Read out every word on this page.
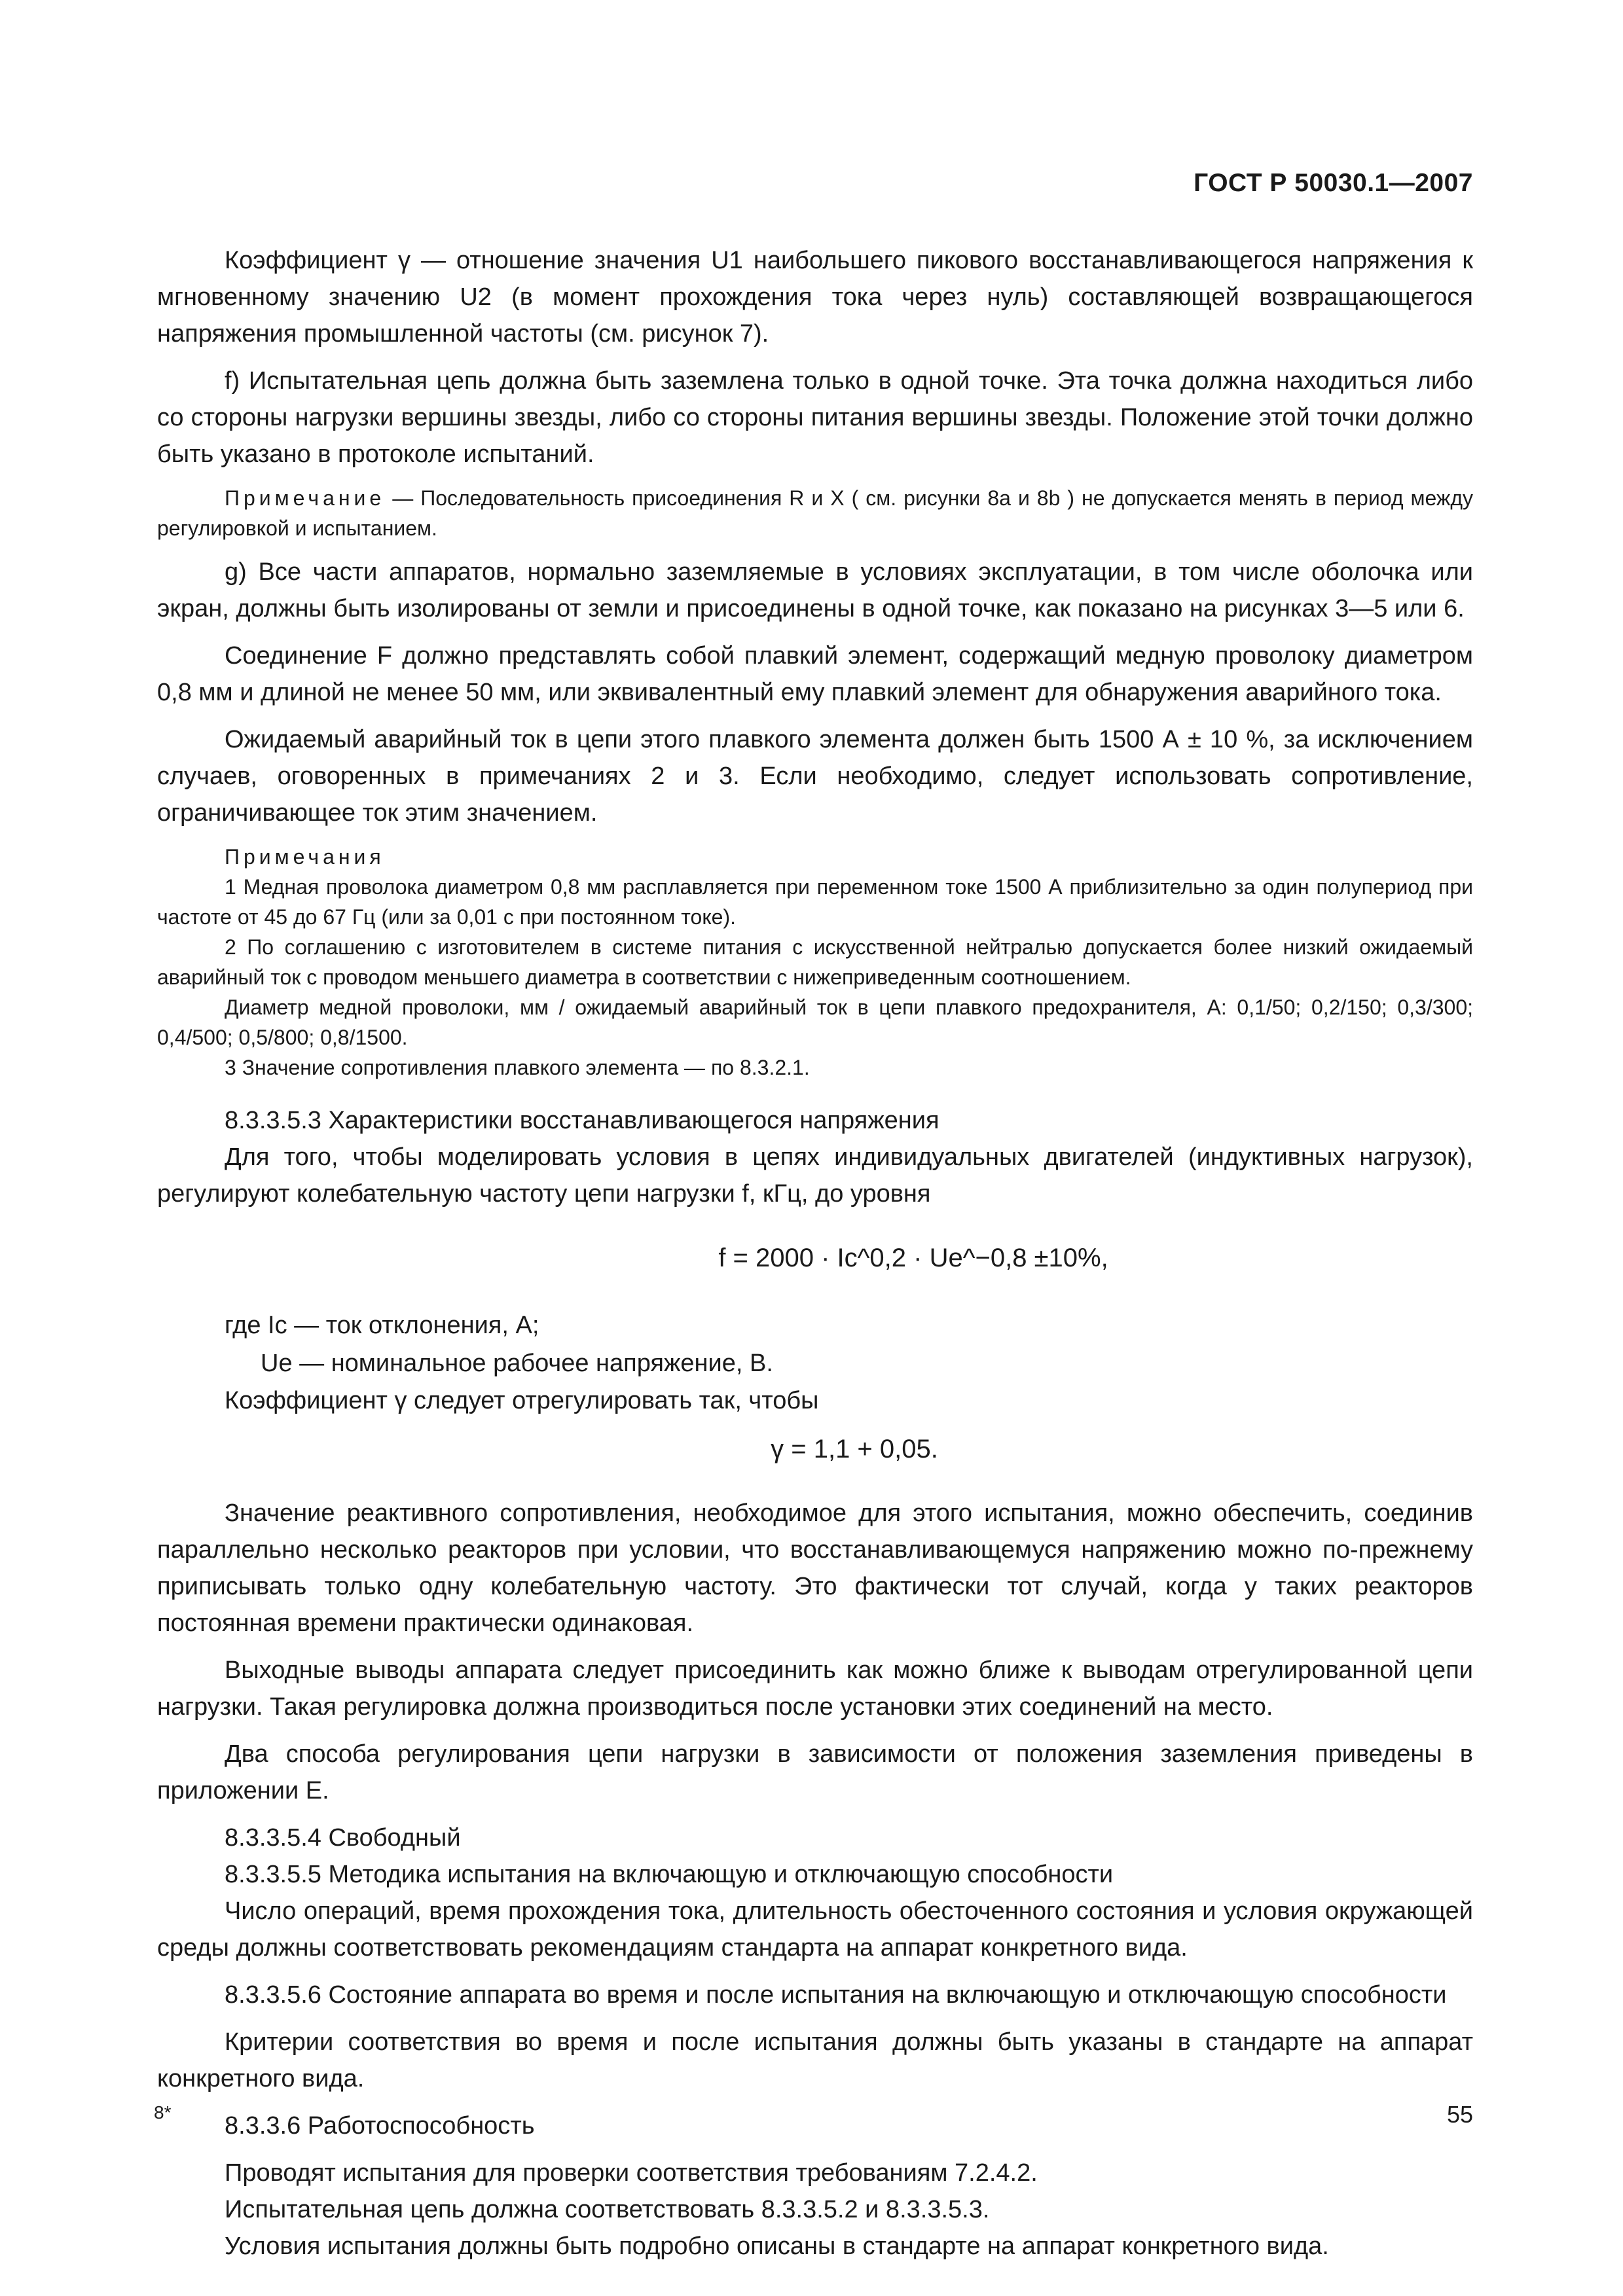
ГОСТ Р 50030.1—2007

Коэффициент γ — отношение значения U1 наибольшего пикового восстанавливающегося напряжения к мгновенному значению U2 (в момент прохождения тока через нуль) составляющей возвращающегося напряжения промышленной частоты (см. рисунок 7).

f) Испытательная цепь должна быть заземлена только в одной точке. Эта точка должна находиться либо со стороны нагрузки вершины звезды, либо со стороны питания вершины звезды. Положение этой точки должно быть указано в протоколе испытаний.

Примечание — Последовательность присоединения R и X ( см. рисунки 8a и 8b ) не допускается менять в период между регулировкой и испытанием.

g) Все части аппаратов, нормально заземляемые в условиях эксплуатации, в том числе оболочка или экран, должны быть изолированы от земли и присоединены в одной точке, как показано на рисунках 3—5 или 6.

Соединение F должно представлять собой плавкий элемент, содержащий медную проволоку диаметром 0,8 мм и длиной не менее 50 мм, или эквивалентный ему плавкий элемент для обнаружения аварийного тока.

Ожидаемый аварийный ток в цепи этого плавкого элемента должен быть 1500 А ± 10 %, за исключением случаев, оговоренных в примечаниях 2 и 3. Если необходимо, следует использовать сопротивление, ограничивающее ток этим значением.

Примечания

1 Медная проволока диаметром 0,8 мм расплавляется при переменном токе 1500 А приблизительно за один полупериод при частоте от 45 до 67 Гц (или за 0,01 с при постоянном токе).

2 По соглашению с изготовителем в системе питания с искусственной нейтралью допускается более низкий ожидаемый аварийный ток с проводом меньшего диаметра в соответствии с нижеприведенным соотношением.

Диаметр медной проволоки, мм / ожидаемый аварийный ток в цепи плавкого предохранителя, А: 0,1/50; 0,2/150; 0,3/300; 0,4/500; 0,5/800; 0,8/1500.

3 Значение сопротивления плавкого элемента — по 8.3.2.1.

8.3.3.5.3 Характеристики восстанавливающегося напряжения

Для того, чтобы моделировать условия в цепях индивидуальных двигателей (индуктивных нагрузок), регулируют колебательную частоту цепи нагрузки f, кГц, до уровня

f = 2000 · Ic^0,2 · Ue^−0,8 ±10%,
где Ic — ток отклонения, А;
Ue — номинальное рабочее напряжение, В.

Коэффициент γ следует отрегулировать так, чтобы

γ = 1,1 + 0,05.

Значение реактивного сопротивления, необходимое для этого испытания, можно обеспечить, соединив параллельно несколько реакторов при условии, что восстанавливающемуся напряжению можно по-прежнему приписывать только одну колебательную частоту. Это фактически тот случай, когда у таких реакторов постоянная времени практически одинаковая.

Выходные выводы аппарата следует присоединить как можно ближе к выводам отрегулированной цепи нагрузки. Такая регулировка должна производиться после установки этих соединений на место.

Два способа регулирования цепи нагрузки в зависимости от положения заземления приведены в приложении Е.

8.3.3.5.4 Свободный

8.3.3.5.5 Методика испытания на включающую и отключающую способности

Число операций, время прохождения тока, длительность обесточенного состояния и условия окружающей среды должны соответствовать рекомендациям стандарта на аппарат конкретного вида.

8.3.3.5.6 Состояние аппарата во время и после испытания на включающую и отключающую способности

Критерии соответствия во время и после испытания должны быть указаны в стандарте на аппарат конкретного вида.

8.3.3.6 Работоспособность

Проводят испытания для проверки соответствия требованиям 7.2.4.2.

Испытательная цепь должна соответствовать 8.3.3.5.2 и 8.3.3.5.3.

Условия испытания должны быть подробно описаны в стандарте на аппарат конкретного вида.

8*	55
